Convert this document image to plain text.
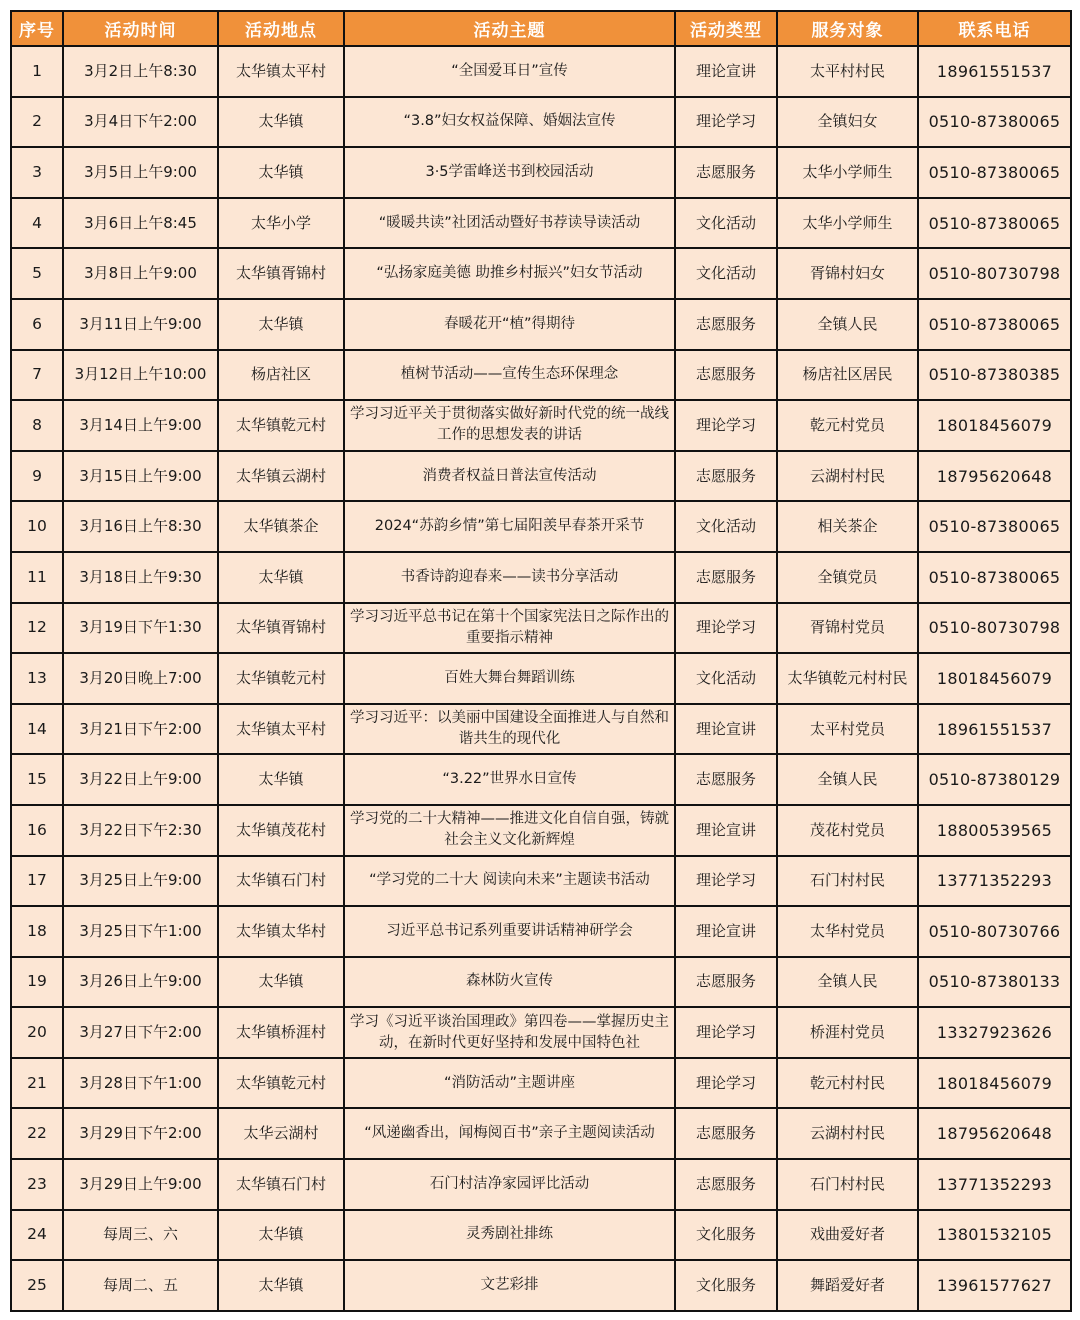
序号	活动时间	活动地点	活动主题	活动类型	服务对象	联系电话
1	3月2日上午8:30	太华镇太平村	“全国爱耳日”宣传	理论宣讲	太平村村民	18961551537
2	3月4日下午2:00	太华镇	“3.8”妇女权益保障、婚姻法宣传	理论学习	全镇妇女	0510-87380065
3	3月5日上午9:00	太华镇	3·5学雷峰送书到校园活动	志愿服务	太华小学师生	0510-87380065
4	3月6日上午8:45	太华小学	“暖暖共读”社团活动暨好书荐读导读活动	文化活动	太华小学师生	0510-87380065
5	3月8日上午9:00	太华镇胥锦村	“弘扬家庭美德 助推乡村振兴”妇女节活动	文化活动	胥锦村妇女	0510-80730798
6	3月11日上午9:00	太华镇	春暖花开“植”得期待	志愿服务	全镇人民	0510-87380065
7	3月12日上午10:00	杨店社区	植树节活动——宣传生态环保理念	志愿服务	杨店社区居民	0510-87380385
8	3月14日上午9:00	太华镇乾元村	学习习近平关于贯彻落实做好新时代党的统一战线工作的思想发表的讲话	理论学习	乾元村党员	18018456079
9	3月15日上午9:00	太华镇云湖村	消费者权益日普法宣传活动	志愿服务	云湖村村民	18795620648
10	3月16日上午8:30	太华镇茶企	2024“苏韵乡情”第七届阳羡早春茶开采节	文化活动	相关茶企	0510-87380065
11	3月18日上午9:30	太华镇	书香诗韵迎春来——读书分享活动	志愿服务	全镇党员	0510-87380065
12	3月19日下午1:30	太华镇胥锦村	学习习近平总书记在第十个国家宪法日之际作出的重要指示精神	理论学习	胥锦村党员	0510-80730798
13	3月20日晚上7:00	太华镇乾元村	百姓大舞台舞蹈训练	文化活动	太华镇乾元村村民	18018456079
14	3月21日下午2:00	太华镇太平村	学习习近平：以美丽中国建设全面推进人与自然和谐共生的现代化	理论宣讲	太平村党员	18961551537
15	3月22日上午9:00	太华镇	“3.22”世界水日宣传	志愿服务	全镇人民	0510-87380129
16	3月22日下午2:30	太华镇茂花村	学习党的二十大精神——推进文化自信自强，铸就社会主义文化新辉煌	理论宣讲	茂花村党员	18800539565
17	3月25日上午9:00	太华镇石门村	“学习党的二十大 阅读向未来”主题读书活动	理论学习	石门村村民	13771352293
18	3月25日下午1:00	太华镇太华村	习近平总书记系列重要讲话精神研学会	理论宣讲	太华村党员	0510-80730766
19	3月26日上午9:00	太华镇	森林防火宣传	志愿服务	全镇人民	0510-87380133
20	3月27日下午2:00	太华镇桥涯村	学习《习近平谈治国理政》第四卷——掌握历史主动，在新时代更好坚持和发展中国特色社	理论学习	桥涯村党员	13327923626
21	3月28日下午1:00	太华镇乾元村	“消防活动”主题讲座	理论学习	乾元村村民	18018456079
22	3月29日下午2:00	太华云湖村	“风递幽香出，闻梅阅百书”亲子主题阅读活动	志愿服务	云湖村村民	18795620648
23	3月29日上午9:00	太华镇石门村	石门村洁净家园评比活动	志愿服务	石门村村民	13771352293
24	每周三、六	太华镇	灵秀剧社排练	文化服务	戏曲爱好者	13801532105
25	每周二、五	太华镇	文艺彩排	文化服务	舞蹈爱好者	13961577627
